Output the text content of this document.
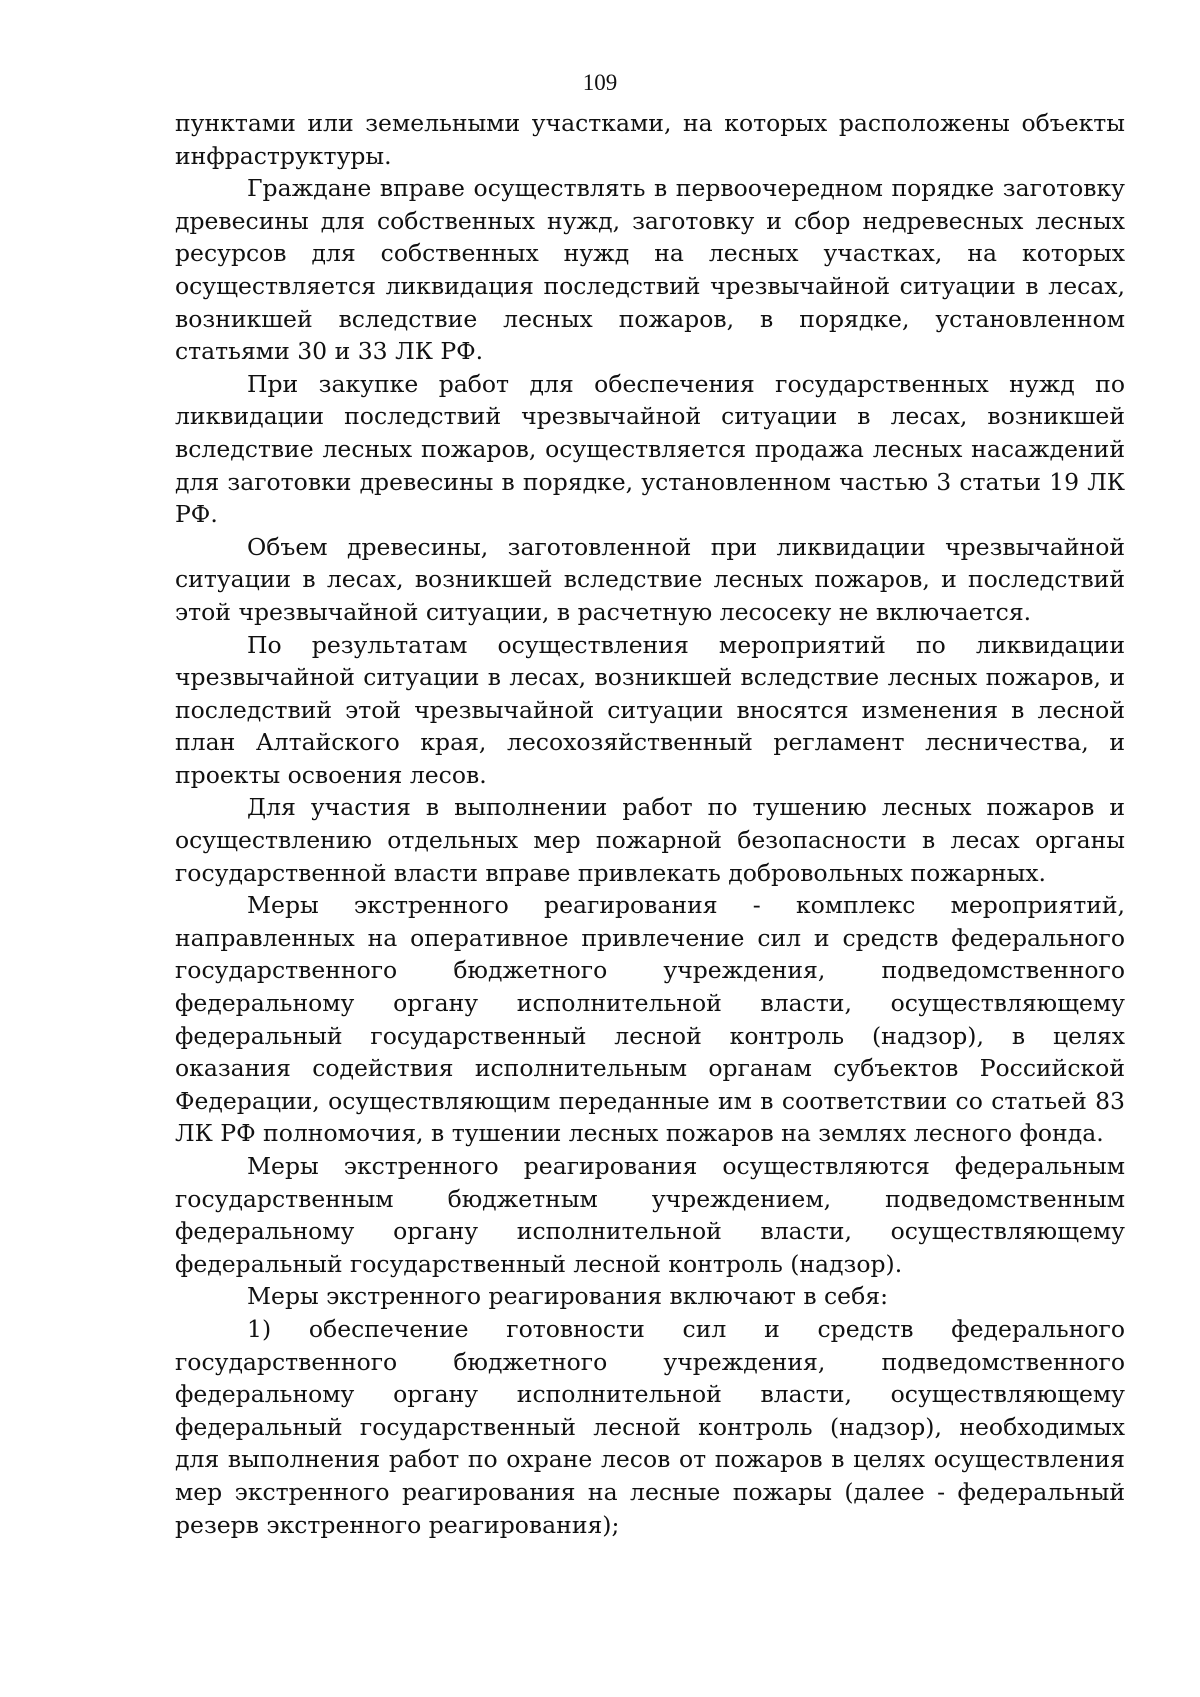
109

пунктами или земельными участками, на которых расположены объекты инфраструктуры.

Граждане вправе осуществлять в первоочередном порядке заготовку древесины для собственных нужд, заготовку и сбор недревесных лесных ресурсов для собственных нужд на лесных участках, на которых осуществляется ликвидация последствий чрезвычайной ситуации в лесах, возникшей вследствие лесных пожаров, в порядке, установленном статьями 30 и 33 ЛК РФ.

При закупке работ для обеспечения государственных нужд по ликвидации последствий чрезвычайной ситуации в лесах, возникшей вследствие лесных пожаров, осуществляется продажа лесных насаждений для заготовки древесины в порядке, установленном частью 3 статьи 19 ЛК РФ.

Объем древесины, заготовленной при ликвидации чрезвычайной ситуации в лесах, возникшей вследствие лесных пожаров, и последствий этой чрезвычайной ситуации, в расчетную лесосеку не включается.

По результатам осуществления мероприятий по ликвидации чрезвычайной ситуации в лесах, возникшей вследствие лесных пожаров, и последствий этой чрезвычайной ситуации вносятся изменения в лесной план Алтайского края, лесохозяйственный регламент лесничества, и проекты освоения лесов.

Для участия в выполнении работ по тушению лесных пожаров и осуществлению отдельных мер пожарной безопасности в лесах органы государственной власти вправе привлекать добровольных пожарных.

Меры экстренного реагирования - комплекс мероприятий, направленных на оперативное привлечение сил и средств федерального государственного бюджетного учреждения, подведомственного федеральному органу исполнительной власти, осуществляющему федеральный государственный лесной контроль (надзор), в целях оказания содействия исполнительным органам субъектов Российской Федерации, осуществляющим переданные им в соответствии со статьей 83 ЛК РФ полномочия, в тушении лесных пожаров на землях лесного фонда.

Меры экстренного реагирования осуществляются федеральным государственным бюджетным учреждением, подведомственным федеральному органу исполнительной власти, осуществляющему федеральный государственный лесной контроль (надзор).

Меры экстренного реагирования включают в себя:

1) обеспечение готовности сил и средств федерального государственного бюджетного учреждения, подведомственного федеральному органу исполнительной власти, осуществляющему федеральный государственный лесной контроль (надзор), необходимых для выполнения работ по охране лесов от пожаров в целях осуществления мер экстренного реагирования на лесные пожары (далее - федеральный резерв экстренного реагирования);
